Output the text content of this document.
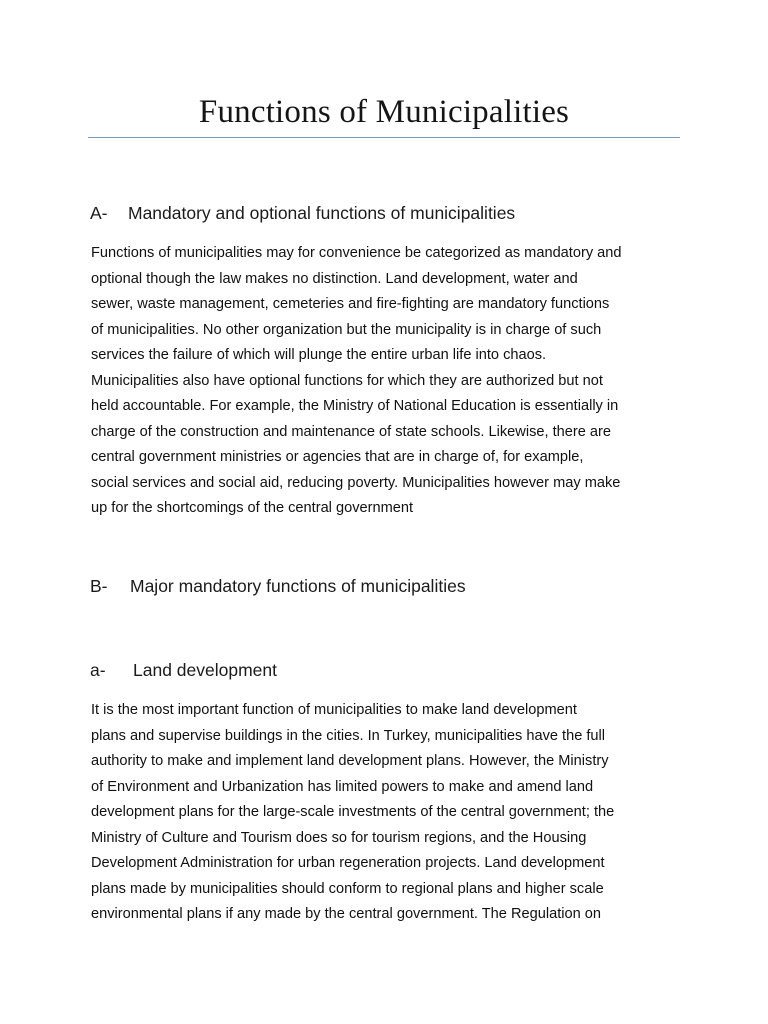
Functions of Municipalities
A- Mandatory and optional functions of municipalities
Functions of municipalities may for convenience be categorized as mandatory and
optional though the law makes no distinction. Land development, water and
sewer, waste management, cemeteries and fire-fighting are mandatory functions
of municipalities. No other organization but the municipality is in charge of such
services the failure of which will plunge the entire urban life into chaos.
Municipalities also have optional functions for which they are authorized but not
held accountable. For example, the Ministry of National Education is essentially in
charge of the construction and maintenance of state schools. Likewise, there are
central government ministries or agencies that are in charge of, for example,
social services and social aid, reducing poverty. Municipalities however may make
up for the shortcomings of the central government
B- Major mandatory functions of municipalities
a- Land development
It is the most important function of municipalities to make land development
plans and supervise buildings in the cities. In Turkey, municipalities have the full
authority to make and implement land development plans. However, the Ministry
of Environment and Urbanization has limited powers to make and amend land
development plans for the large-scale investments of the central government; the
Ministry of Culture and Tourism does so for tourism regions, and the Housing
Development Administration for urban regeneration projects. Land development
plans made by municipalities should conform to regional plans and higher scale
environmental plans if any made by the central government. The Regulation on
